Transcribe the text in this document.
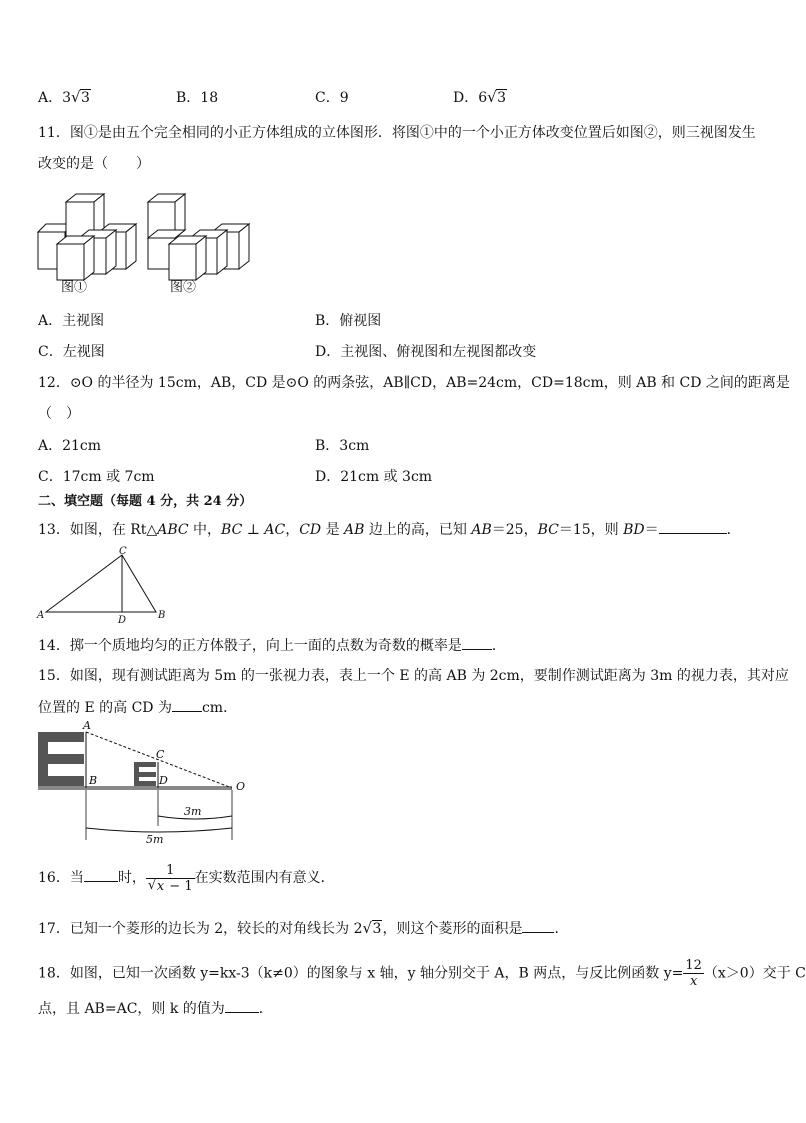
A．3 √ 3	B．18	C．9	D．6 √ 3
11．图①是由五个完全相同的小正方体组成的立体图形．将图①中的一个小正方体改变位置后如图②，则三视图发生
改变的是（　　）
图①	图②
A．主视图	B．俯视图
C．左视图	D．主视图、俯视图和左视图都改变
12．⊙O 的半径为 15cm，AB，CD 是⊙O 的两条弦，AB∥CD，AB=24cm，CD=18cm，则 AB 和 CD 之间的距离是
（　）
A．21cm	B．3cm
C．17cm 或 7cm	D．21cm 或 3cm
二、填空题（每题 4 分，共 24 分）
13．如图，在 Rt△ABC 中，BC ⊥ AC，CD 是 AB 边上的高，已知 AB＝25，BC＝15，则 BD＝	．
A
C
D	B
14．掷一个质地均匀的正方体骰子，向上一面的点数为奇数的概率是 ．
15．如图，现有测试距离为 5m 的一张视力表，表上一个 E 的高 AB 为 2cm，要制作测试距离为 3m 的视力表，其对应
位置的 E 的高 CD 为 cm．
A
B
C
D	O
3m
5m
16．当 时， $\frac{1}{√ x - 1}$ 在实数范围内有意义．
17．已知一个菱形的边长为 2，较长的对角线长为 2 √ 3，则这个菱形的面积是 ．
18．如图，已知一次函数 y=kx-3（k≠0）的图象与 x 轴，y 轴分别交于 A，B 两点，与反比例函数 $y= \frac{12}{x} (x>0)$交于 C
点，且 AB=AC，则 k 的值为 ．
